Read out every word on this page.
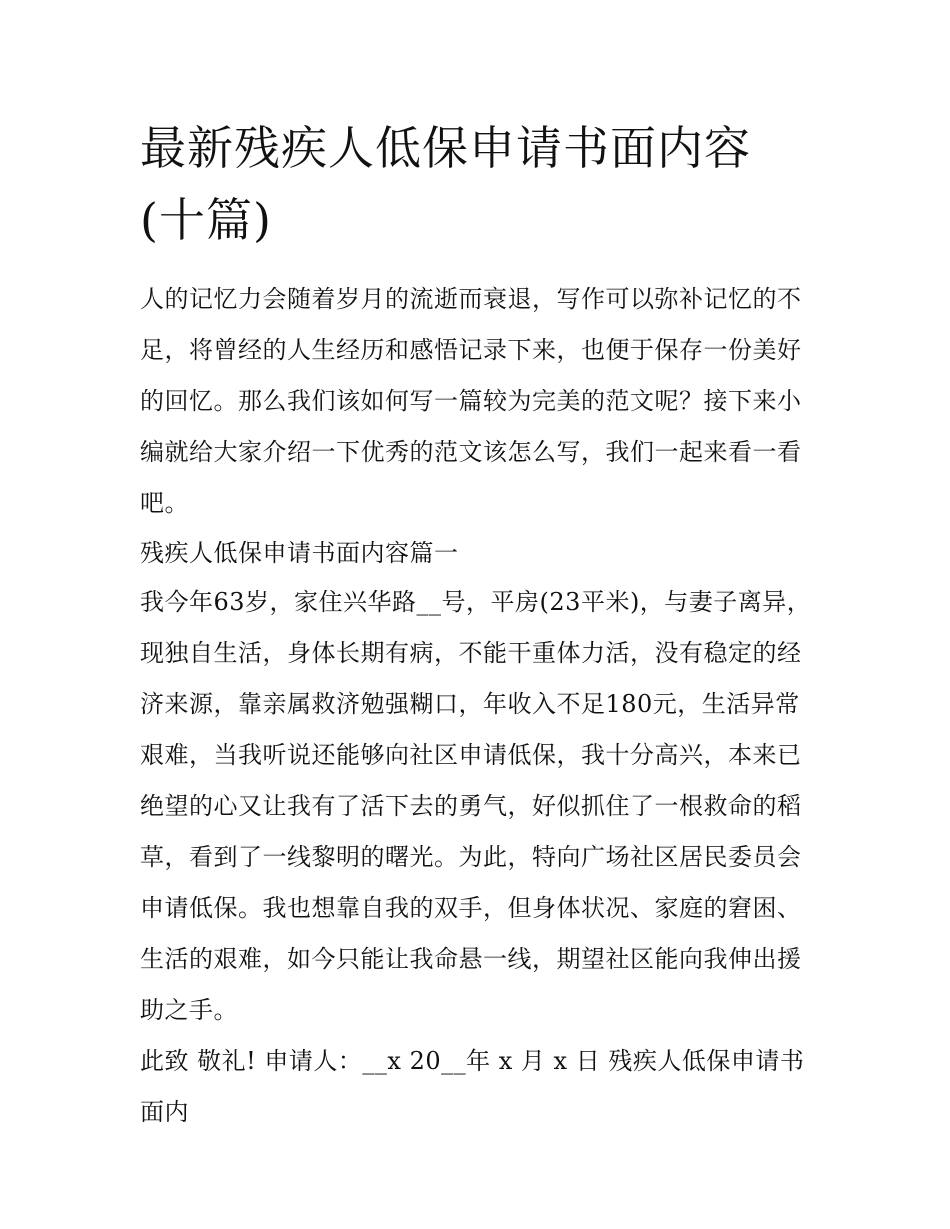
最新残疾人低保申请书面内容
(十篇)

人的记忆力会随着岁月的流逝而衰退，写作可以弥补记忆的不足，将曾经的人生经历和感悟记录下来，也便于保存一份美好的回忆。那么我们该如何写一篇较为完美的范文呢？接下来小编就给大家介绍一下优秀的范文该怎么写，我们一起来看一看吧。

残疾人低保申请书面内容篇一

我今年63岁，家住兴华路__号，平房(23平米)，与妻子离异，现独自生活，身体长期有病，不能干重体力活，没有稳定的经济来源，靠亲属救济勉强糊口，年收入不足180元，生活异常艰难，当我听说还能够向社区申请低保，我十分高兴，本来已绝望的心又让我有了活下去的勇气，好似抓住了一根救命的稻草，看到了一线黎明的曙光。为此，特向广场社区居民委员会申请低保。我也想靠自我的双手，但身体状况、家庭的窘困、生活的艰难，如今只能让我命悬一线，期望社区能向我伸出援助之手。

此致 敬礼! 申请人：__x 20__年 x 月 x 日 残疾人低保申请书面内
